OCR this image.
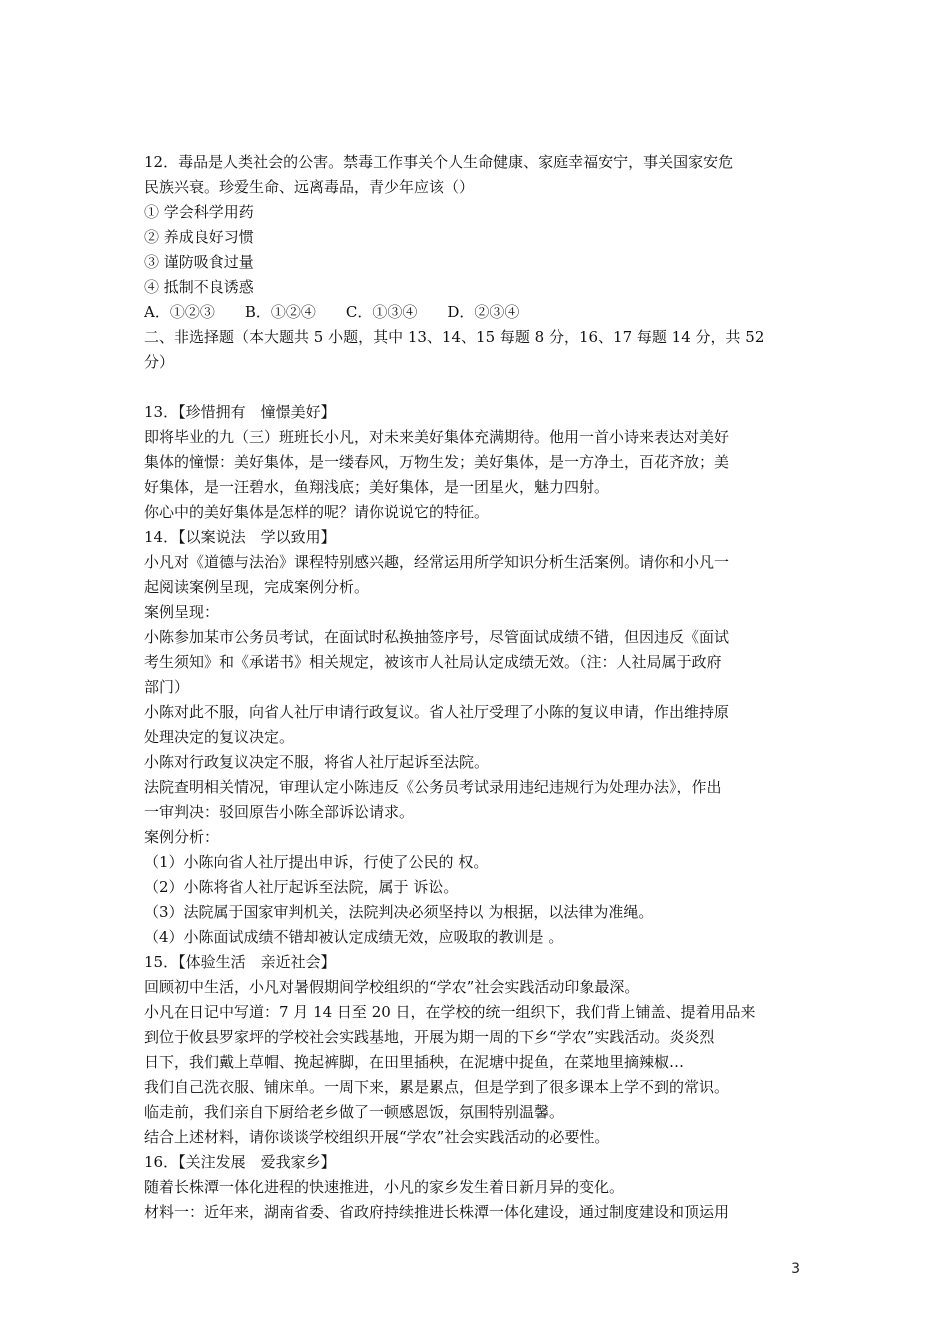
12．毒品是人类社会的公害。禁毒工作事关个人生命健康、家庭幸福安宁，事关国家安危
民族兴衰。珍爱生命、远离毒品，青少年应该（）
① 学会科学用药
② 养成良好习惯
③ 谨防吸食过量
④ 抵制不良诱惑
A．①②③　　B．①②④　　C．①③④　　D．②③④
二、非选择题（本大题共 5 小题，其中 13、14、15 每题 8 分，16、17 每题 14 分，共 52
分）
13．【珍惜拥有　憧憬美好】
即将毕业的九（三）班班长小凡，对未来美好集体充满期待。他用一首小诗来表达对美好
集体的憧憬：美好集体，是一缕春风，万物生发；美好集体，是一方净土，百花齐放；美
好集体，是一汪碧水，鱼翔浅底；美好集体，是一团星火，魅力四射。
你心中的美好集体是怎样的呢？请你说说它的特征。
14．【以案说法　学以致用】
小凡对《道德与法治》课程特别感兴趣，经常运用所学知识分析生活案例。请你和小凡一
起阅读案例呈现，完成案例分析。
案例呈现：
小陈参加某市公务员考试，在面试时私换抽签序号，尽管面试成绩不错，但因违反《面试
考生须知》和《承诺书》相关规定，被该市人社局认定成绩无效。（注：人社局属于政府
部门）
小陈对此不服，向省人社厅申请行政复议。省人社厅受理了小陈的复议申请，作出维持原
处理决定的复议决定。
小陈对行政复议决定不服，将省人社厅起诉至法院。
法院查明相关情况，审理认定小陈违反《公务员考试录用违纪违规行为处理办法》，作出
一审判决：驳回原告小陈全部诉讼请求。
案例分析：
（1）小陈向省人社厅提出申诉，行使了公民的 权。
（2）小陈将省人社厅起诉至法院，属于 诉讼。
（3）法院属于国家审判机关，法院判决必须坚持以 为根据，以法律为准绳。
（4）小陈面试成绩不错却被认定成绩无效，应吸取的教训是 。
15．【体验生活　亲近社会】
回顾初中生活，小凡对暑假期间学校组织的“学农”社会实践活动印象最深。
小凡在日记中写道：7 月 14 日至 20 日，在学校的统一组织下，我们背上铺盖、提着用品来
到位于攸县罗家坪的学校社会实践基地，开展为期一周的下乡“学农”实践活动。炎炎烈
日下，我们戴上草帽、挽起裤脚，在田里插秧，在泥塘中捉鱼，在菜地里摘辣椒…
我们自己洗衣服、铺床单。一周下来，累是累点，但是学到了很多课本上学不到的常识。
临走前，我们亲自下厨给老乡做了一顿感恩饭，氛围特别温馨。
结合上述材料，请你谈谈学校组织开展“学农”社会实践活动的必要性。
16．【关注发展　爱我家乡】
随着长株潭一体化进程的快速推进，小凡的家乡发生着日新月异的变化。
材料一：近年来，湖南省委、省政府持续推进长株潭一体化建设，通过制度建设和顶运用
3
